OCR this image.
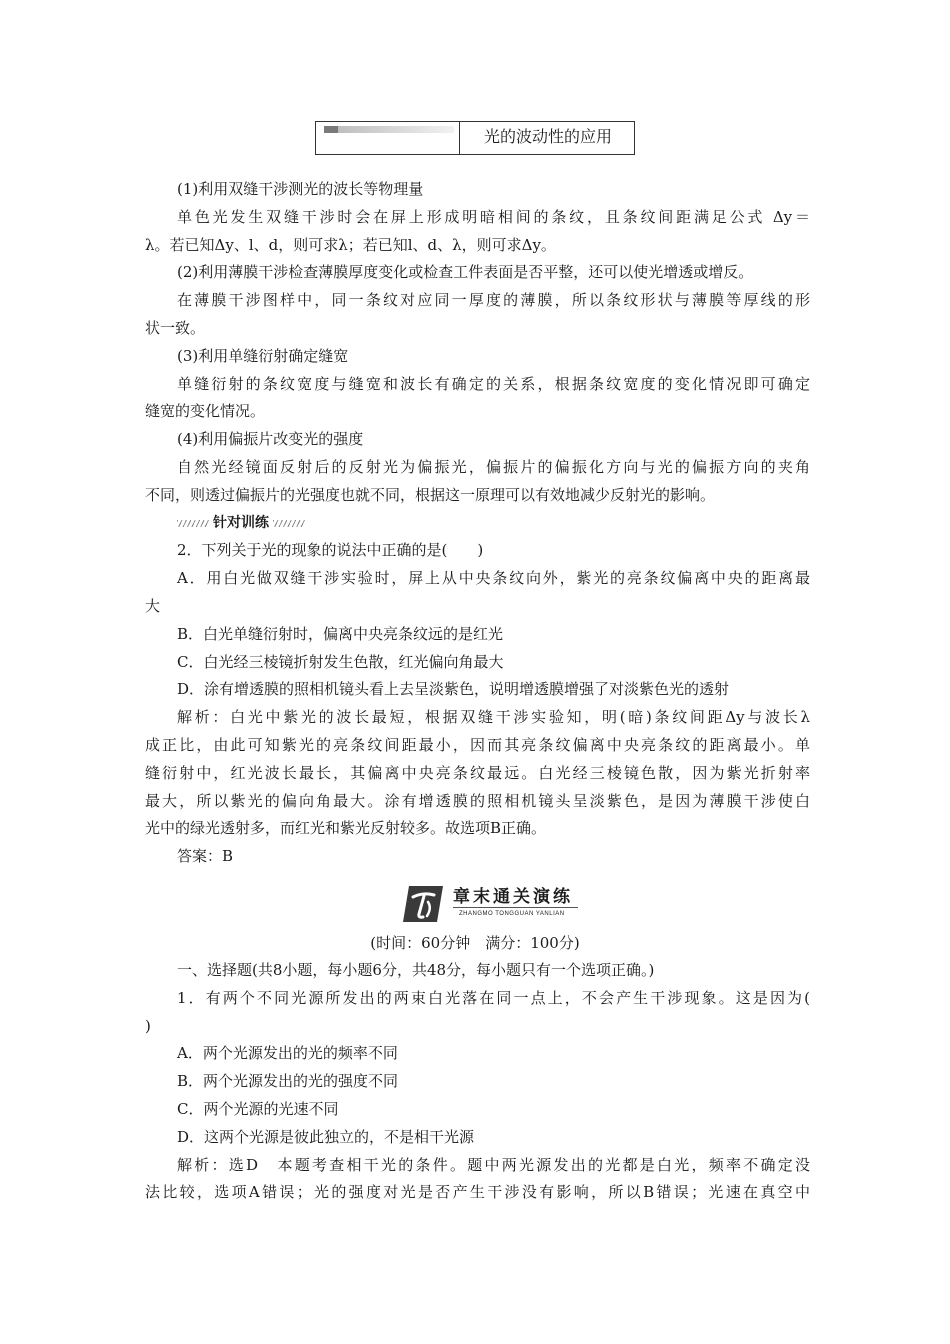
光的波动性的应用
(1)利用双缝干涉测光的波长等物理量
单色光发生双缝干涉时会在屏上形成明暗相间的条纹，且条纹间距满足公式 Δy＝
λ。若已知Δy、l、d，则可求λ；若已知l、d、λ，则可求Δy。
(2)利用薄膜干涉检查薄膜厚度变化或检查工件表面是否平整，还可以使光增透或增反。
在薄膜干涉图样中，同一条纹对应同一厚度的薄膜，所以条纹形状与薄膜等厚线的形
状一致。
(3)利用单缝衍射确定缝宽
单缝衍射的条纹宽度与缝宽和波长有确定的关系，根据条纹宽度的变化情况即可确定
缝宽的变化情况。
(4)利用偏振片改变光的强度
自然光经镜面反射后的反射光为偏振光，偏振片的偏振化方向与光的偏振方向的夹角
不同，则透过偏振片的光强度也就不同，根据这一原理可以有效地减少反射光的影响。
针对训练
2．下列关于光的现象的说法中正确的是(　　)
A．用白光做双缝干涉实验时，屏上从中央条纹向外，紫光的亮条纹偏离中央的距离最
大
B．白光单缝衍射时，偏离中央亮条纹远的是红光
C．白光经三棱镜折射发生色散，红光偏向角最大
D．涂有增透膜的照相机镜头看上去呈淡紫色，说明增透膜增强了对淡紫色光的透射
解析：白光中紫光的波长最短，根据双缝干涉实验知，明(暗)条纹间距Δy与波长λ
成正比，由此可知紫光的亮条纹间距最小，因而其亮条纹偏离中央亮条纹的距离最小。单
缝衍射中，红光波长最长，其偏离中央亮条纹最远。白光经三棱镜色散，因为紫光折射率
最大，所以紫光的偏向角最大。涂有增透膜的照相机镜头呈淡紫色，是因为薄膜干涉使白
光中的绿光透射多，而红光和紫光反射较多。故选项B正确。
答案：B
章末通关演练
ZHANGMO TONGGUAN YANLIAN
(时间：60分钟　满分：100分)
一、选择题(共8小题，每小题6分，共48分，每小题只有一个选项正确。)
1．有两个不同光源所发出的两束白光落在同一点上，不会产生干涉现象。这是因为(
)
A．两个光源发出的光的频率不同
B．两个光源发出的光的强度不同
C．两个光源的光速不同
D．这两个光源是彼此独立的，不是相干光源
解析：选D　本题考查相干光的条件。题中两光源发出的光都是白光，频率不确定没
法比较，选项A错误；光的强度对光是否产生干涉没有影响，所以B错误；光速在真空中
